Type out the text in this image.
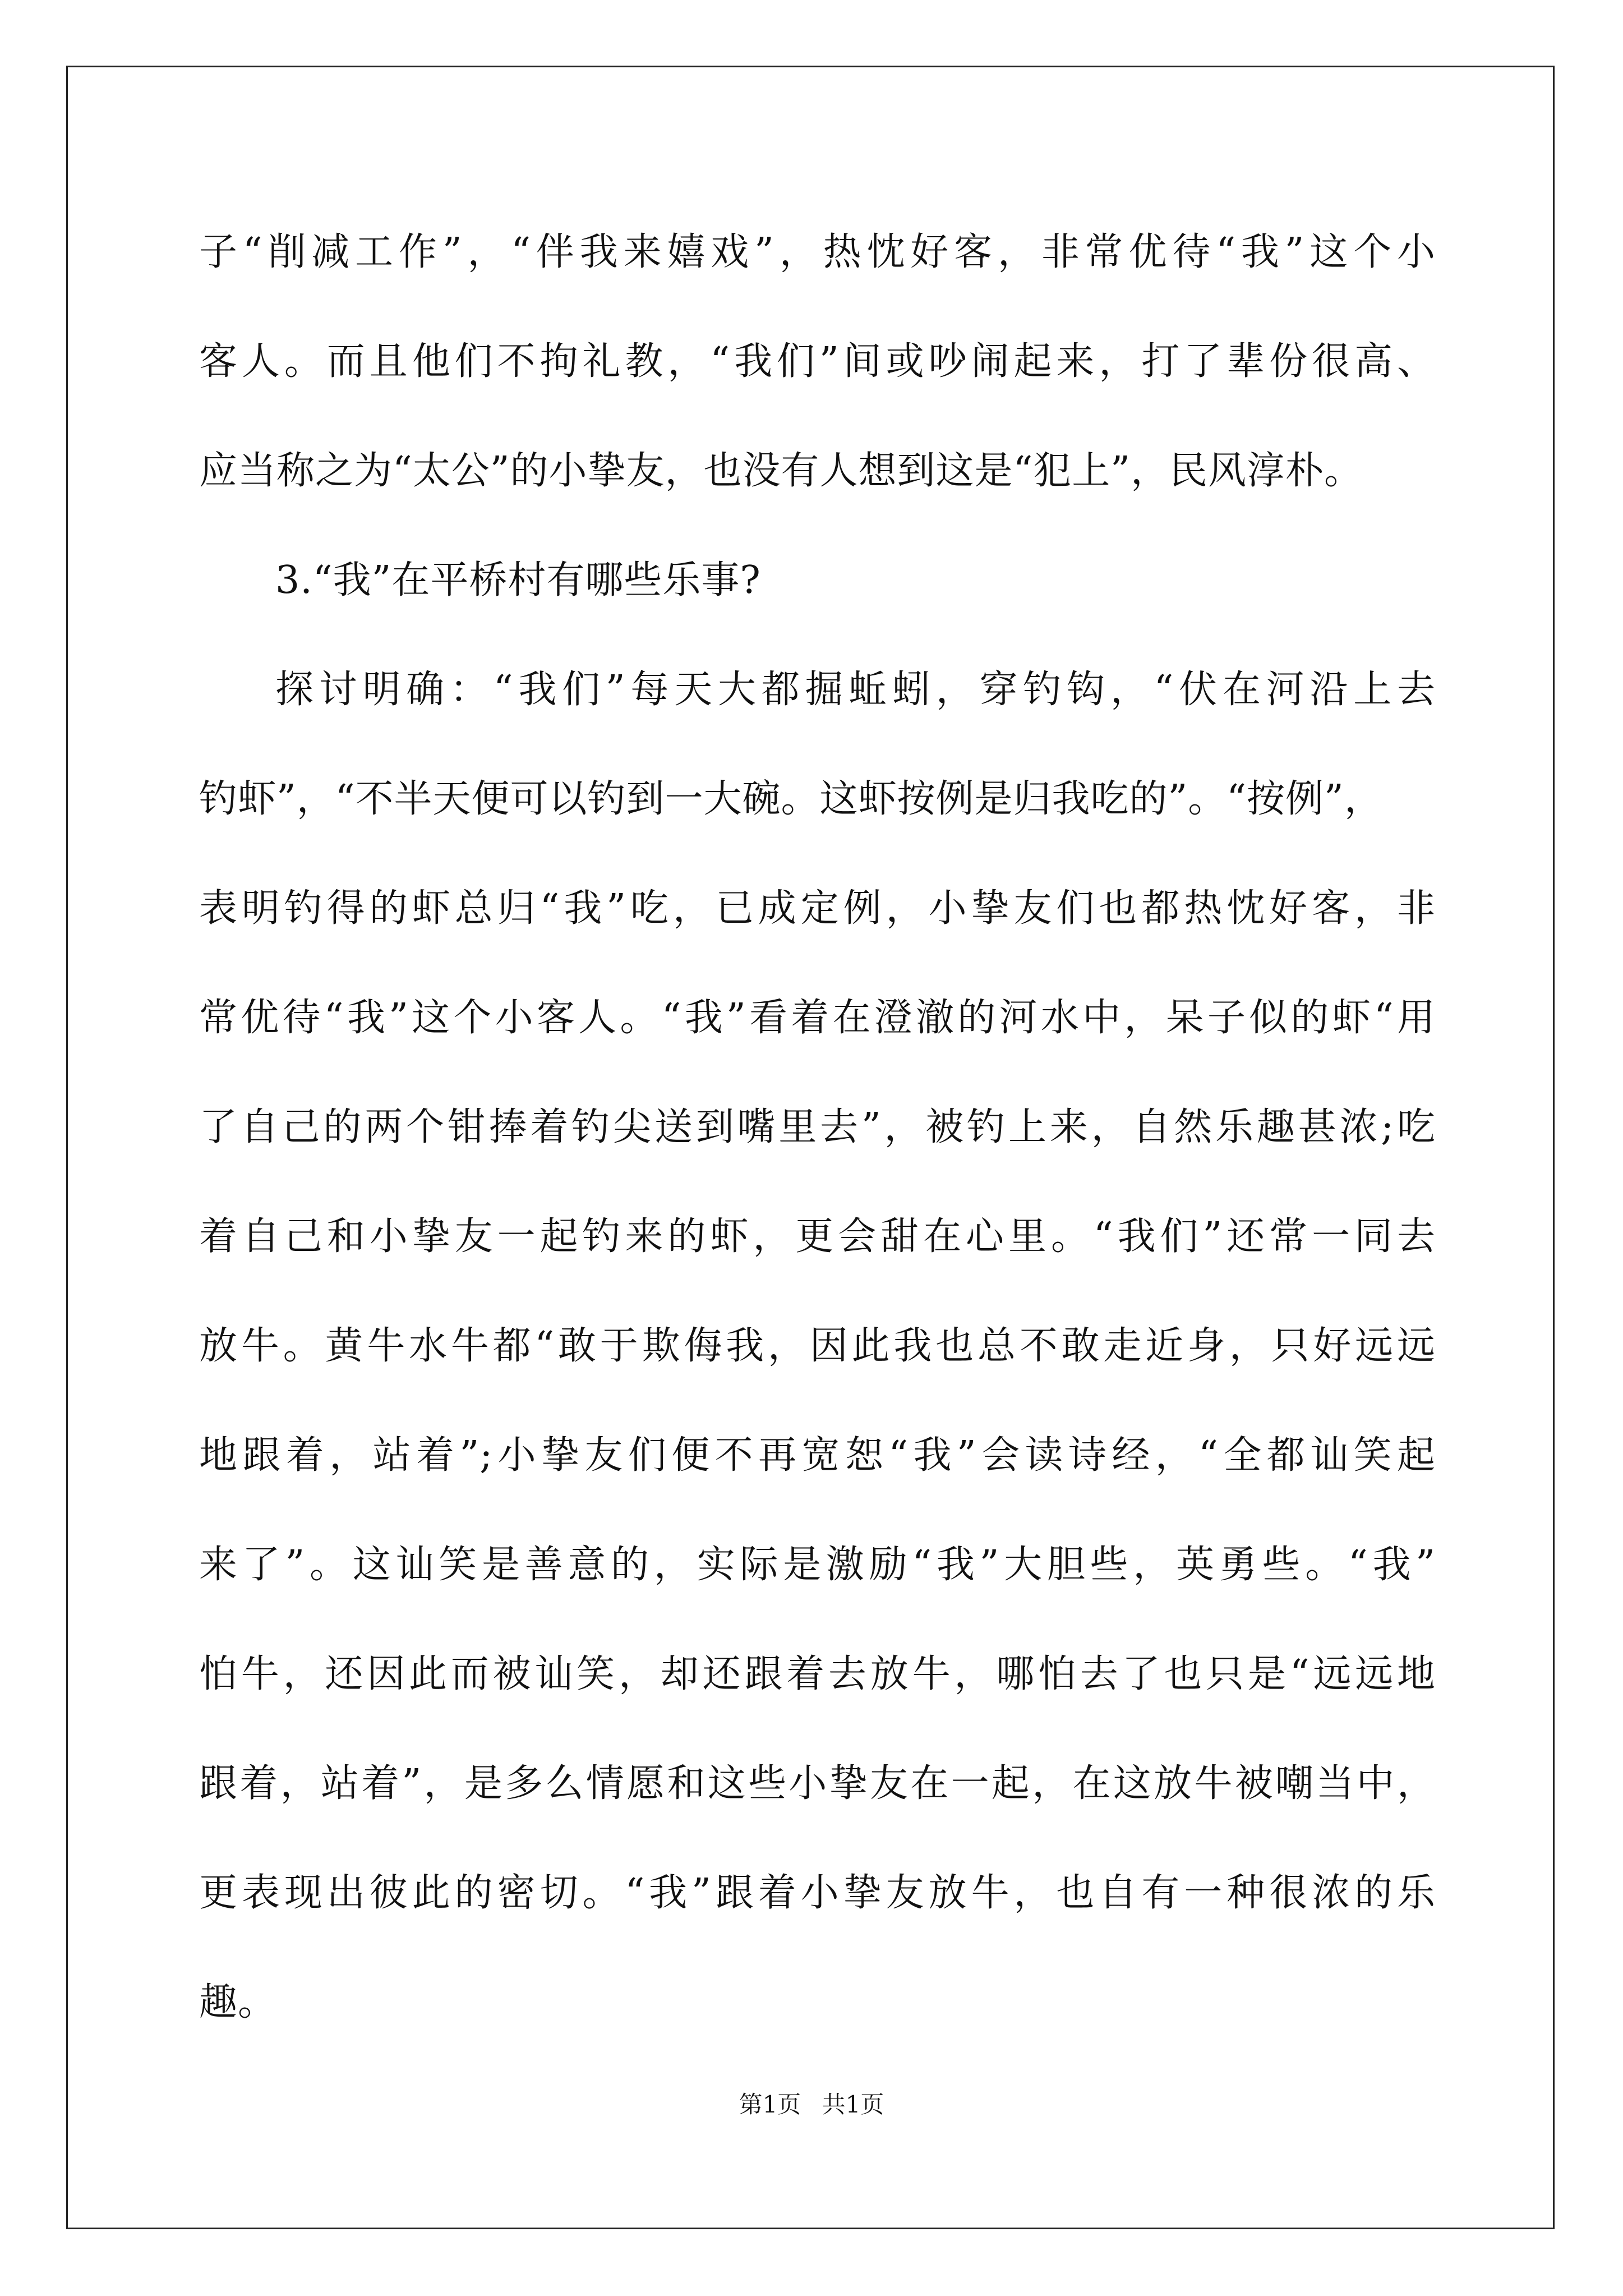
子“削减工作”，“伴我来嬉戏”，热忱好客，非常优待“我”这个小
客人。而且他们不拘礼教，“我们”间或吵闹起来，打了辈份很高、
应当称之为“太公”的小挚友，也没有人想到这是“犯上”，民风淳朴。
3.“我”在平桥村有哪些乐事?
探讨明确：“我们”每天大都掘蚯蚓，穿钓钩，“伏在河沿上去
钓虾”，“不半天便可以钓到一大碗。这虾按例是归我吃的”。“按例”，
表明钓得的虾总归“我”吃，已成定例，小挚友们也都热忱好客，非
常优待“我”这个小客人。“我”看着在澄澈的河水中，呆子似的虾“用
了自己的两个钳捧着钓尖送到嘴里去”，被钓上来，自然乐趣甚浓;吃
着自己和小挚友一起钓来的虾，更会甜在心里。“我们”还常一同去
放牛。黄牛水牛都“敢于欺侮我，因此我也总不敢走近身，只好远远
地跟着，站着”;小挚友们便不再宽恕“我”会读诗经，“全都讪笑起
来了”。这讪笑是善意的，实际是激励“我”大胆些，英勇些。“我”
怕牛，还因此而被讪笑，却还跟着去放牛，哪怕去了也只是“远远地
跟着，站着”，是多么情愿和这些小挚友在一起，在这放牛被嘲当中，
更表现出彼此的密切。“我”跟着小挚友放牛，也自有一种很浓的乐
趣。
第1页 共1页
